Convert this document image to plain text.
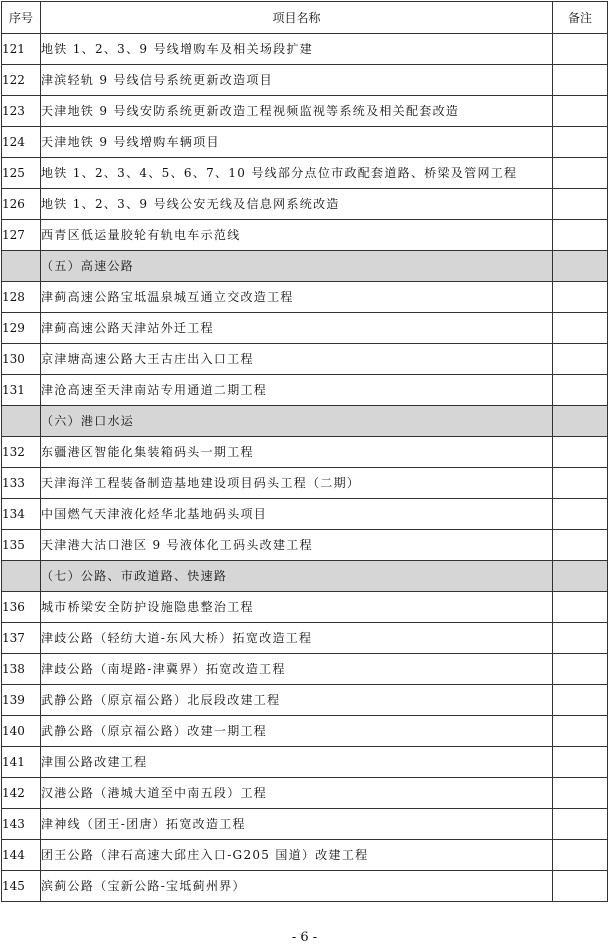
序号	项目名称	备注
121	地铁 1、2、3、9 号线增购车及相关场段扩建	
122	津滨轻轨 9 号线信号系统更新改造项目	
123	天津地铁 9 号线安防系统更新改造工程视频监视等系统及相关配套改造	
124	天津地铁 9 号线增购车辆项目	
125	地铁 1、2、3、4、5、6、7、10 号线部分点位市政配套道路、桥梁及管网工程	
126	地铁 1、2、3、9 号线公安无线及信息网系统改造	
127	西青区低运量胶轮有轨电车示范线	
	（五）高速公路	
128	津蓟高速公路宝坻温泉城互通立交改造工程	
129	津蓟高速公路天津站外迁工程	
130	京津塘高速公路大王古庄出入口工程	
131	津沧高速至天津南站专用通道二期工程	
	（六）港口水运	
132	东疆港区智能化集装箱码头一期工程	
133	天津海洋工程装备制造基地建设项目码头工程（二期）	
134	中国燃气天津液化烃华北基地码头项目	
135	天津港大沽口港区 9 号液体化工码头改建工程	
	（七）公路、市政道路、快速路	
136	城市桥梁安全防护设施隐患整治工程	
137	津歧公路（轻纺大道-东风大桥）拓宽改造工程	
138	津歧公路（南堤路-津冀界）拓宽改造工程	
139	武静公路（原京福公路）北辰段改建工程	
140	武静公路（原京福公路）改建一期工程	
141	津围公路改建工程	
142	汉港公路（港城大道至中南五段）工程	
143	津神线（团王-团唐）拓宽改造工程	
144	团王公路（津石高速大邱庄入口-G205 国道）改建工程	
145	滨蓟公路（宝新公路-宝坻蓟州界）	
- 6 -
